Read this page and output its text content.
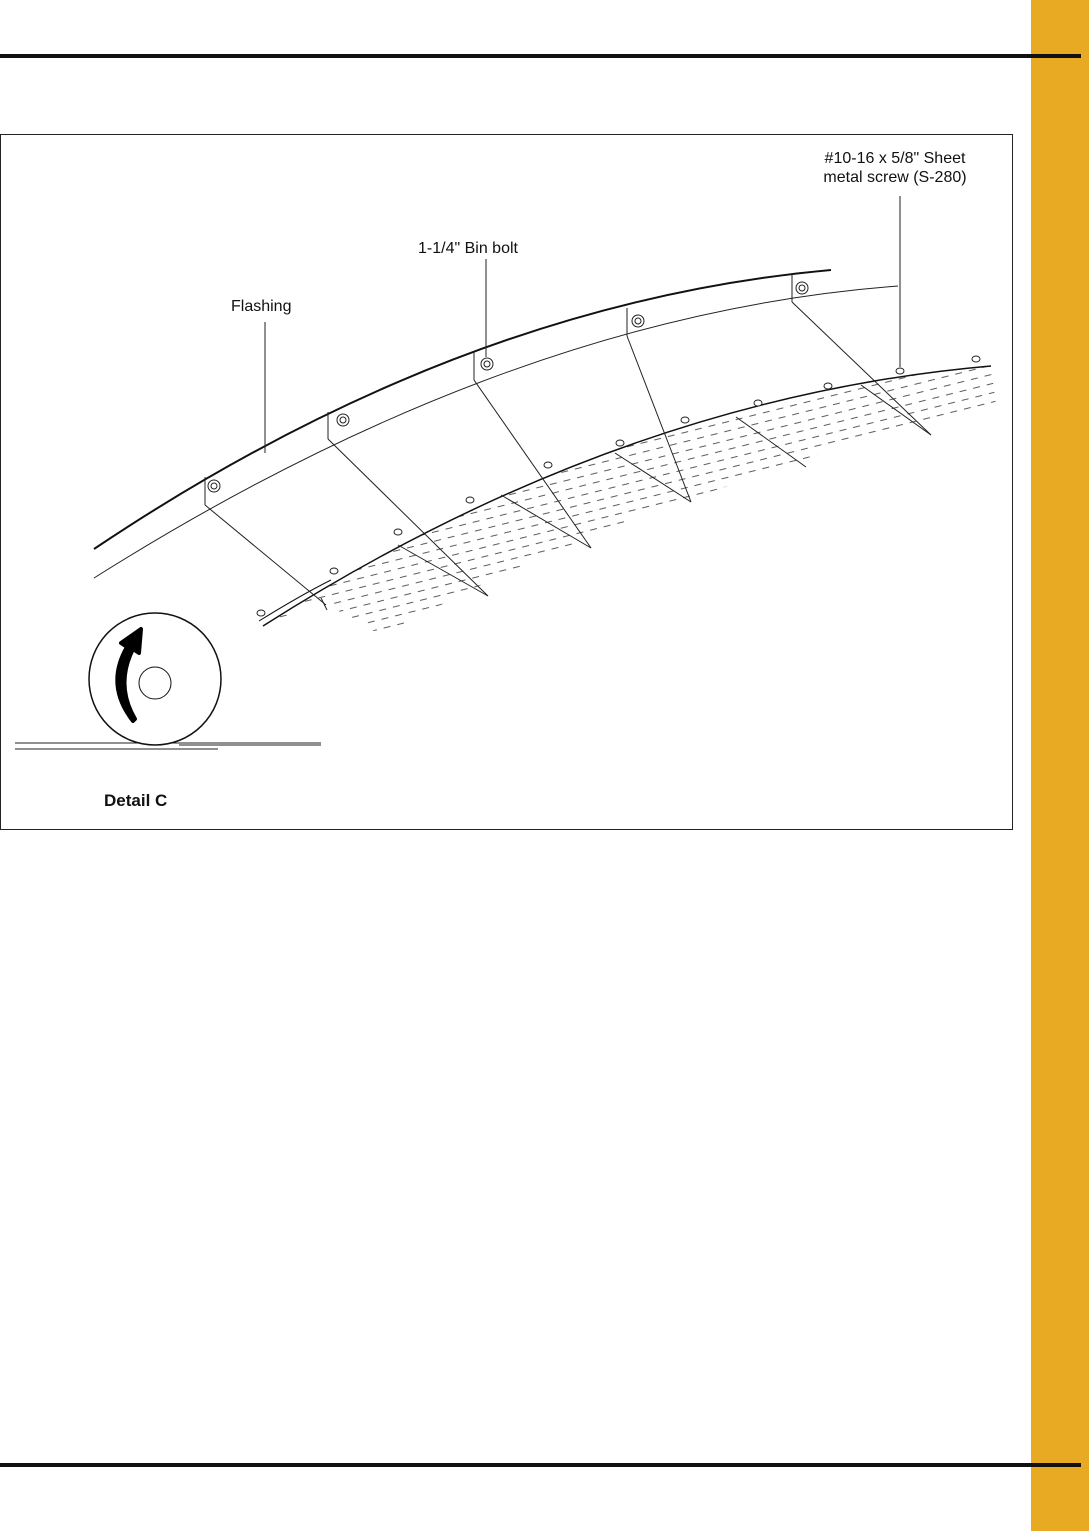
Flashing
1-1/4" Bin bolt
#10-16 x 5/8" Sheet
metal screw (S-280)
Detail C
